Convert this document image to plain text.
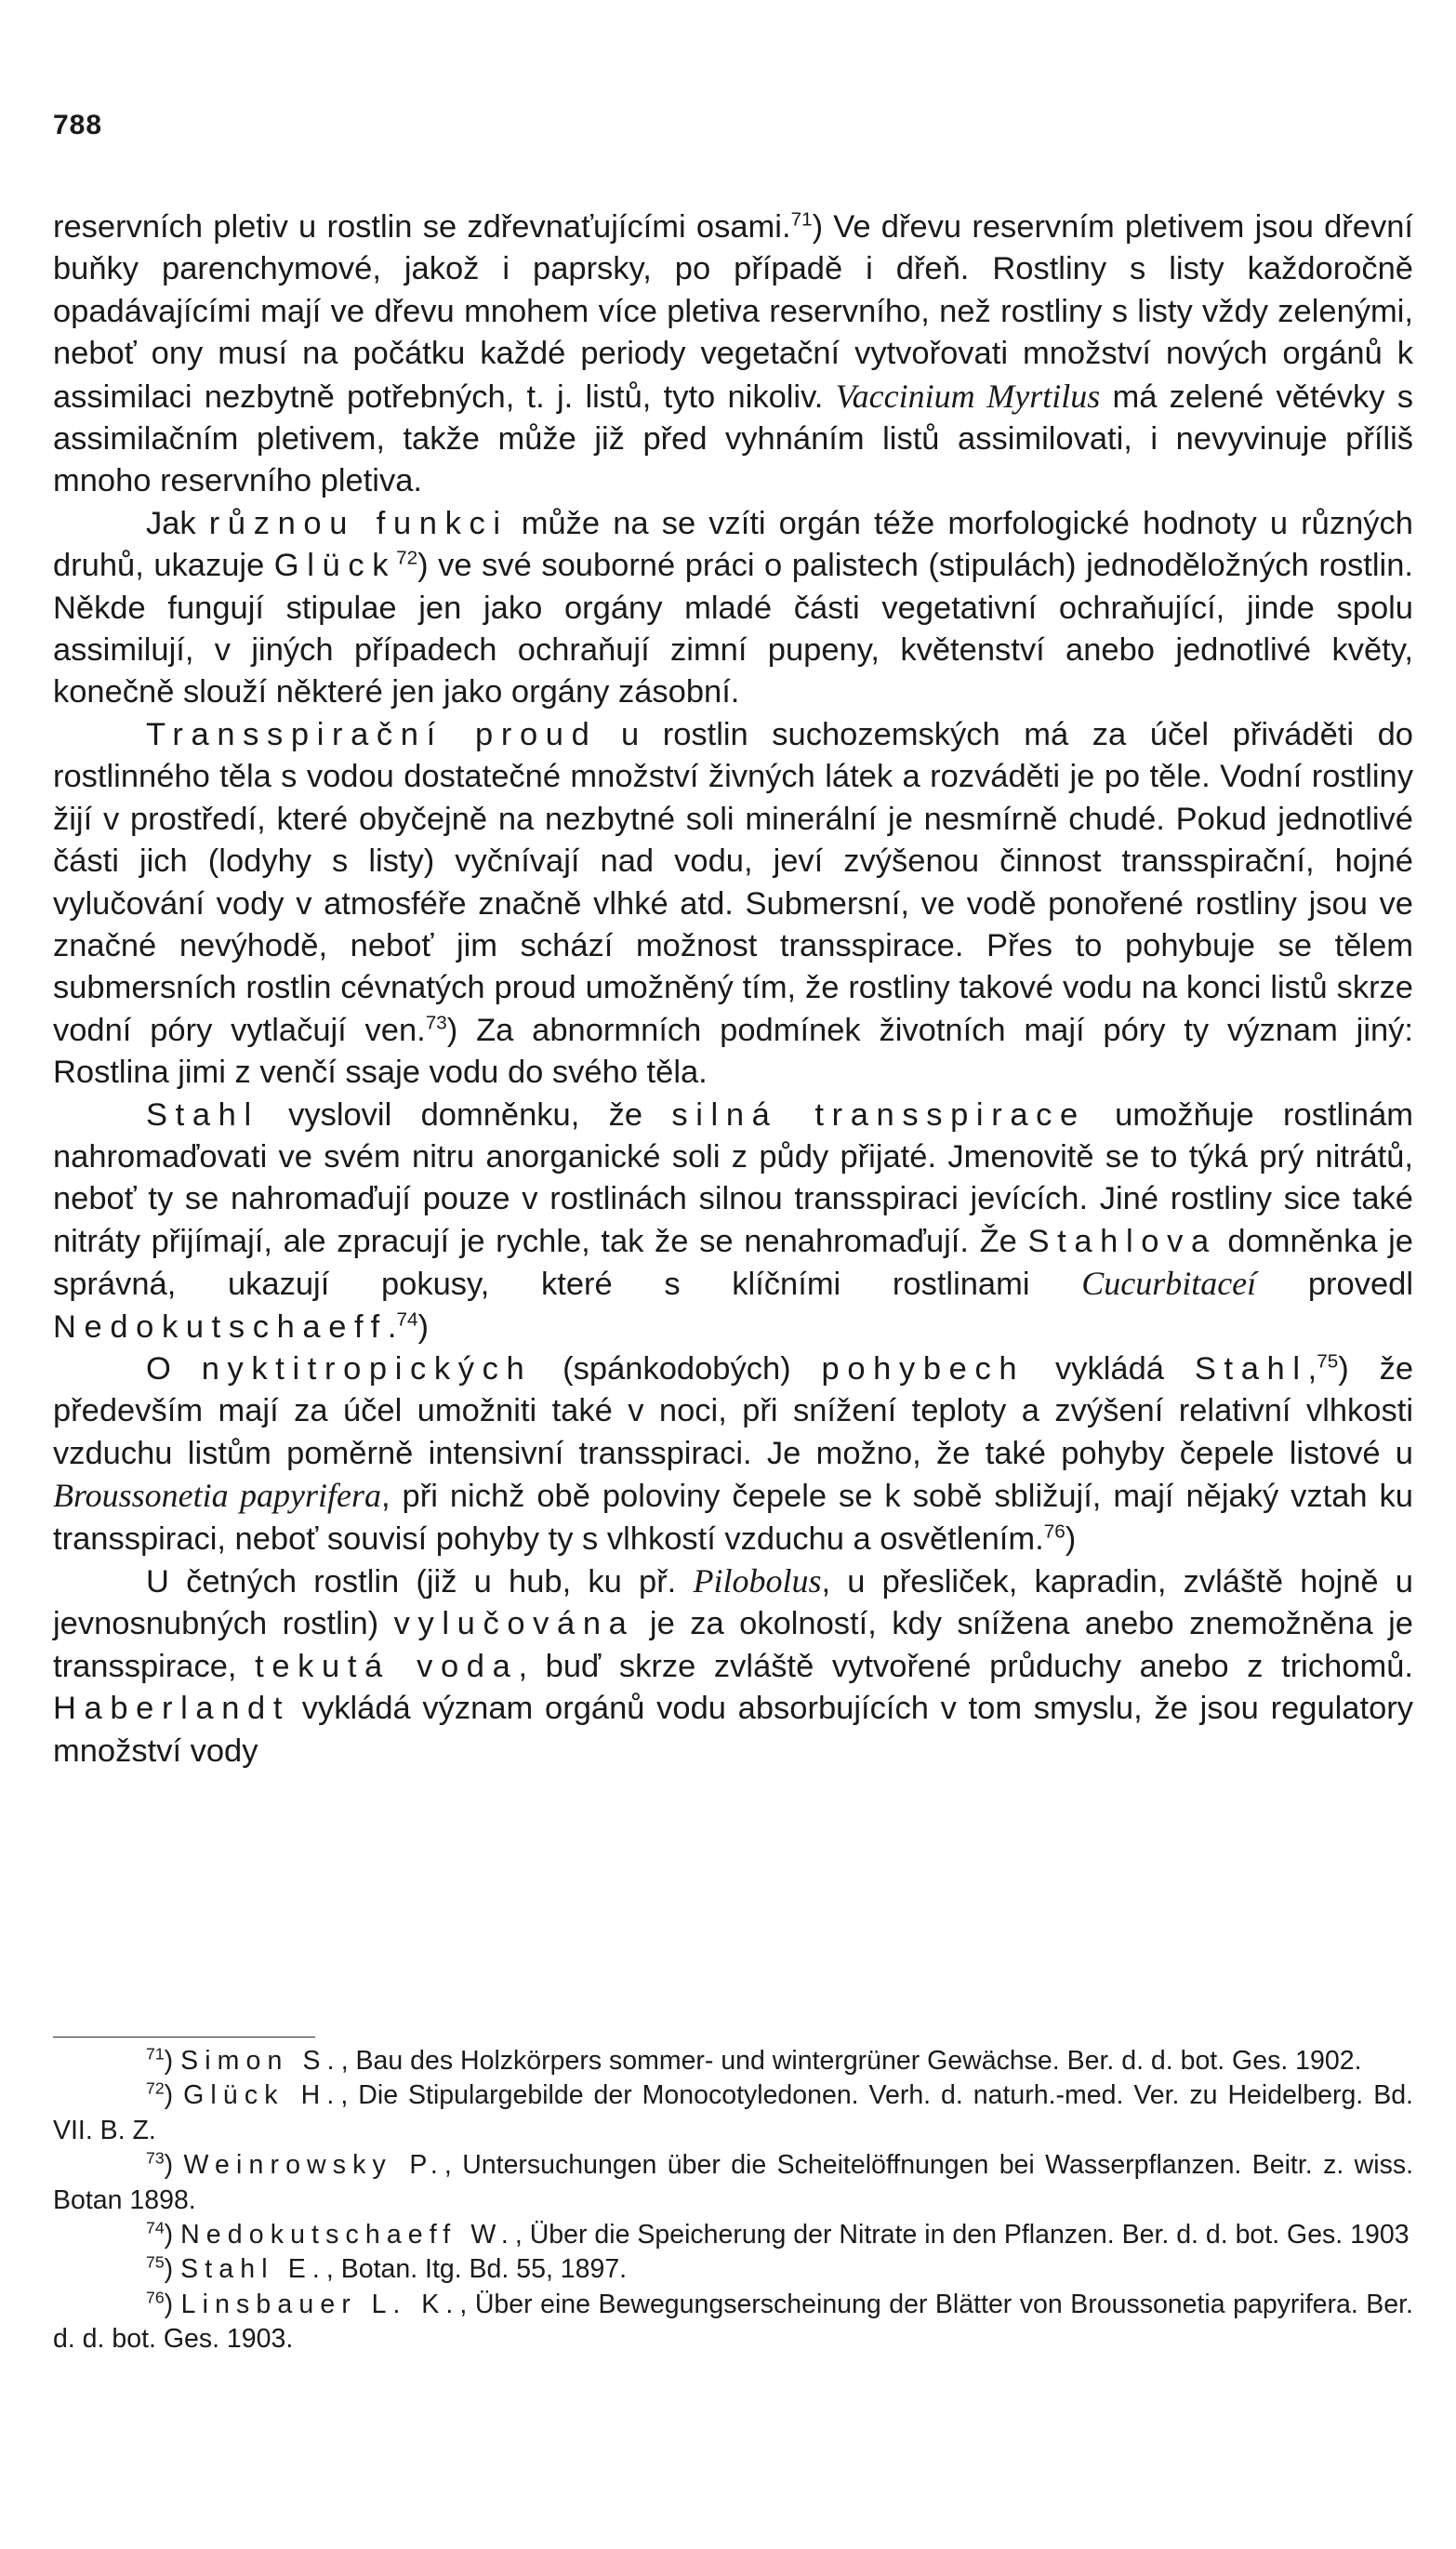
788

reservních pletiv u rostlin se zdřevnaťujícími osami.$^{71}$) Ve dřevu reservním pletivem jsou dřevní buňky parenchymové, jakož i paprsky, po případě i dřeň. Rostliny s listy každoročně opadávajícími mají ve dřevu mnohem více pletiva reservního, než rostliny s listy vždy zelenými, neboť ony musí na počátku každé periody vegetační vytvořovati množství nových orgánů k assimilaci nezbytně potřebných, t. j. listů, tyto nikoliv. Vaccinium Myrtilus má zelené větévky s assimilačním pletivem, takže může již před vyhnáním listů assimilovati, i nevyvinuje příliš mnoho reservního pletiva.

Jak různou funkci může na se vzíti orgán téže morfologické hodnoty u různých druhů, ukazuje Glück$^{72}$) ve své souborné práci o palistech (stipulách) jednoděložných rostlin. Někde fungují stipulae jen jako orgány mladé části vegetativní ochraňující, jinde spolu assimilují, v jiných případech ochraňují zimní pupeny, květenství anebo jednotlivé květy, konečně slouží některé jen jako orgány zásobní.

Transspirační proud u rostlin suchozemských má za účel přiváděti do rostlinného těla s vodou dostatečné množství živných látek a rozváděti je po těle. Vodní rostliny žijí v prostředí, které obyčejně na nezbytné soli minerální je nesmírně chudé. Pokud jednotlivé části jich (lodyhy s listy) vyčnívají nad vodu, jeví zvýšenou činnost transspirační, hojné vylučování vody v atmosféře značně vlhké atd. Submersní, ve vodě ponořené rostliny jsou ve značné nevýhodě, neboť jim schází možnost transspirace. Přes to pohybuje se tělem submersních rostlin cévnatých proud umožněný tím, že rostliny takové vodu na konci listů skrze vodní póry vytlačují ven.$^{73}$) Za abnormních podmínek životních mají póry ty význam jiný: Rostlina jimi z venčí ssaje vodu do svého těla.

Stahl vyslovil domněnku, že silná transspirace umožňuje rostlinám nahromaďovati ve svém nitru anorganické soli z půdy přijaté. Jmenovitě se to týká prý nitrátů, neboť ty se nahromaďují pouze v rostlinách silnou transspiraci jevících. Jiné rostliny sice také nitráty přijímají, ale zpracují je rychle, tak že se nenahromaďují. Že Stahlova domněnka je správná, ukazují pokusy, které s klíčními rostlinami Cucurbitaceí provedl Nedokutschaeff.$^{74}$)

O nyktitropických (spánkodobých) pohybech vykládá Stahl,$^{75}$) že především mají za účel umožniti také v noci, při snížení teploty a zvýšení relativní vlhkosti vzduchu listům poměrně intensivní transspiraci. Je možno, že také pohyby čepele listové u Broussonetia papyrifera, při nichž obě poloviny čepele se k sobě sbližují, mají nějaký vztah ku transspiraci, neboť souvisí pohyby ty s vlhkostí vzduchu a osvětlením.$^{76}$)

U četných rostlin (již u hub, ku př. Pilobolus, u přesliček, kapradin, zvláště hojně u jevnosnubných rostlin) vylučována je za okolností, kdy snížena anebo znemožněna je transspirace, tekutá voda, buď skrze zvláště vytvořené průduchy anebo z trichomů. Haberlandt vykládá význam orgánů vodu absorbujících v tom smyslu, že jsou regulatory množství vody

$^{71}$) Simon S., Bau des Holzkörpers sommer- und wintergrüner Gewächse. Ber. d. d. bot. Ges. 1902.

$^{72}$) Glück H., Die Stipulargebilde der Monocotyledonen. Verh. d. naturh.-med. Ver. zu Heidelberg. Bd. VII. B. Z.

$^{73}$) Weinrowsky P., Untersuchungen über die Scheitelöffnungen bei Wasserpflanzen. Beitr. z. wiss. Botan 1898.

$^{74}$) Nedokutschaeff W., Über die Speicherung der Nitrate in den Pflanzen. Ber. d. d. bot. Ges. 1903

$^{75}$) Stahl E., Botan. Itg. Bd. 55, 1897.

$^{76}$) Linsbauer L. K., Über eine Bewegungserscheinung der Blätter von Broussonetia papyrifera. Ber. d. d. bot. Ges. 1903.
